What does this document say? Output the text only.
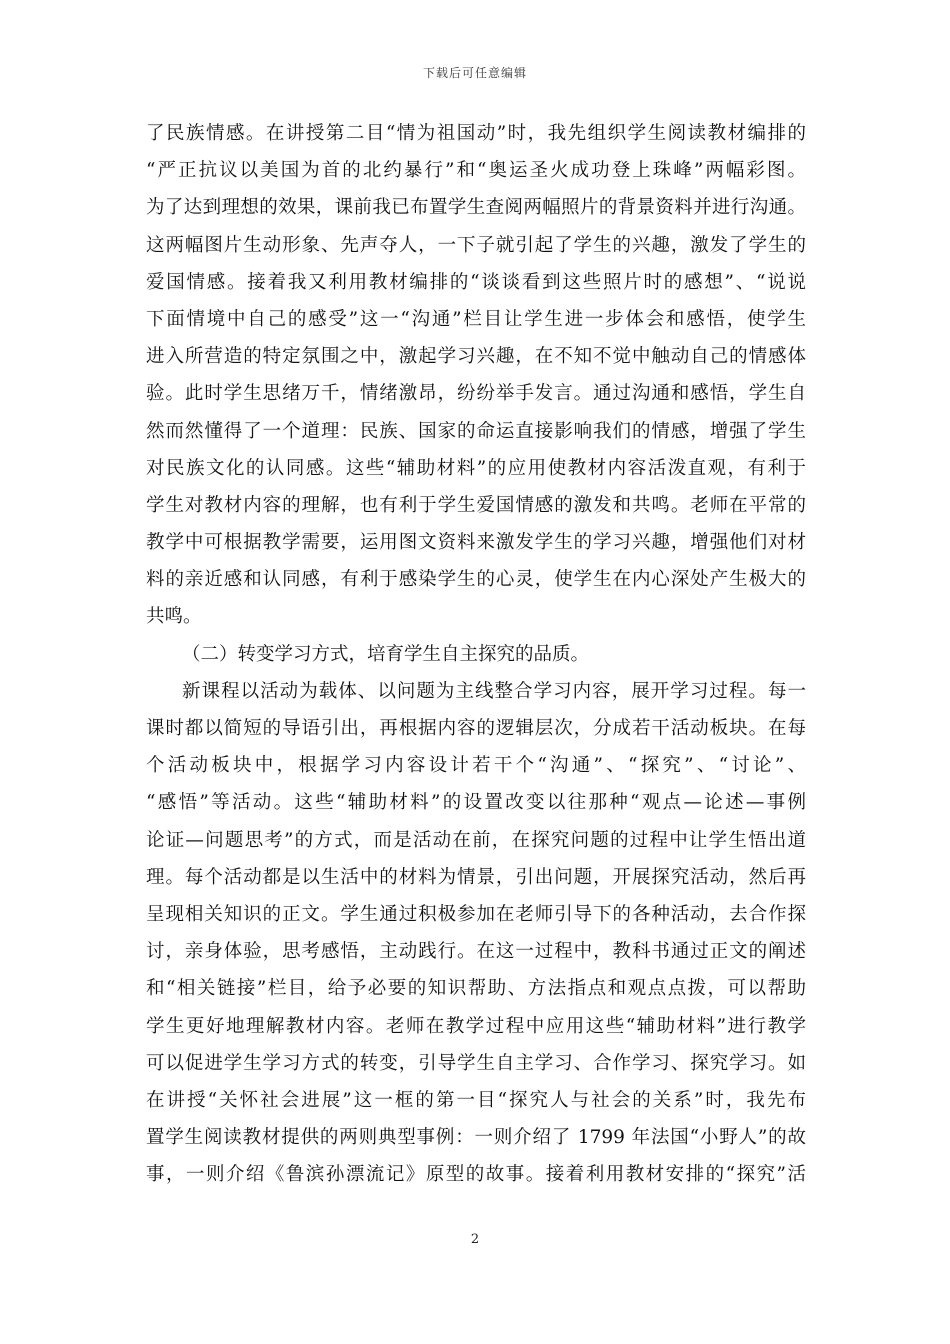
下载后可任意编辑
了民族情感。在讲授第二目“情为祖国动”时，我先组织学生阅读教材编排的
“严正抗议以美国为首的北约暴行”和“奥运圣火成功登上珠峰”两幅彩图。
为了达到理想的效果，课前我已布置学生查阅两幅照片的背景资料并进行沟通。
这两幅图片生动形象、先声夺人，一下子就引起了学生的兴趣，激发了学生的
爱国情感。接着我又利用教材编排的“谈谈看到这些照片时的感想”、“说说
下面情境中自己的感受”这一“沟通”栏目让学生进一步体会和感悟，使学生
进入所营造的特定氛围之中，激起学习兴趣，在不知不觉中触动自己的情感体
验。此时学生思绪万千，情绪激昂，纷纷举手发言。通过沟通和感悟，学生自
然而然懂得了一个道理：民族、国家的命运直接影响我们的情感，增强了学生
对民族文化的认同感。这些“辅助材料”的应用使教材内容活泼直观，有利于
学生对教材内容的理解，也有利于学生爱国情感的激发和共鸣。老师在平常的
教学中可根据教学需要，运用图文资料来激发学生的学习兴趣，增强他们对材
料的亲近感和认同感，有利于感染学生的心灵，使学生在内心深处产生极大的
共鸣。
（二）转变学习方式，培育学生自主探究的品质。
新课程以活动为载体、以问题为主线整合学习内容，展开学习过程。每一
课时都以简短的导语引出，再根据内容的逻辑层次，分成若干活动板块。在每
个活动板块中，根据学习内容设计若干个“沟通”、“探究”、“讨论”、
“感悟”等活动。这些“辅助材料”的设置改变以往那种“观点—论述—事例
论证—问题思考”的方式，而是活动在前，在探究问题的过程中让学生悟出道
理。每个活动都是以生活中的材料为情景，引出问题，开展探究活动，然后再
呈现相关知识的正文。学生通过积极参加在老师引导下的各种活动，去合作探
讨，亲身体验，思考感悟，主动践行。在这一过程中，教科书通过正文的阐述
和“相关链接”栏目，给予必要的知识帮助、方法指点和观点点拨，可以帮助
学生更好地理解教材内容。老师在教学过程中应用这些“辅助材料”进行教学
可以促进学生学习方式的转变，引导学生自主学习、合作学习、探究学习。如
在讲授“关怀社会进展”这一框的第一目“探究人与社会的关系”时，我先布
置学生阅读教材提供的两则典型事例：一则介绍了 1799 年法国“小野人”的故
事，一则介绍《鲁滨孙漂流记》原型的故事。接着利用教材安排的“探究”活
2
